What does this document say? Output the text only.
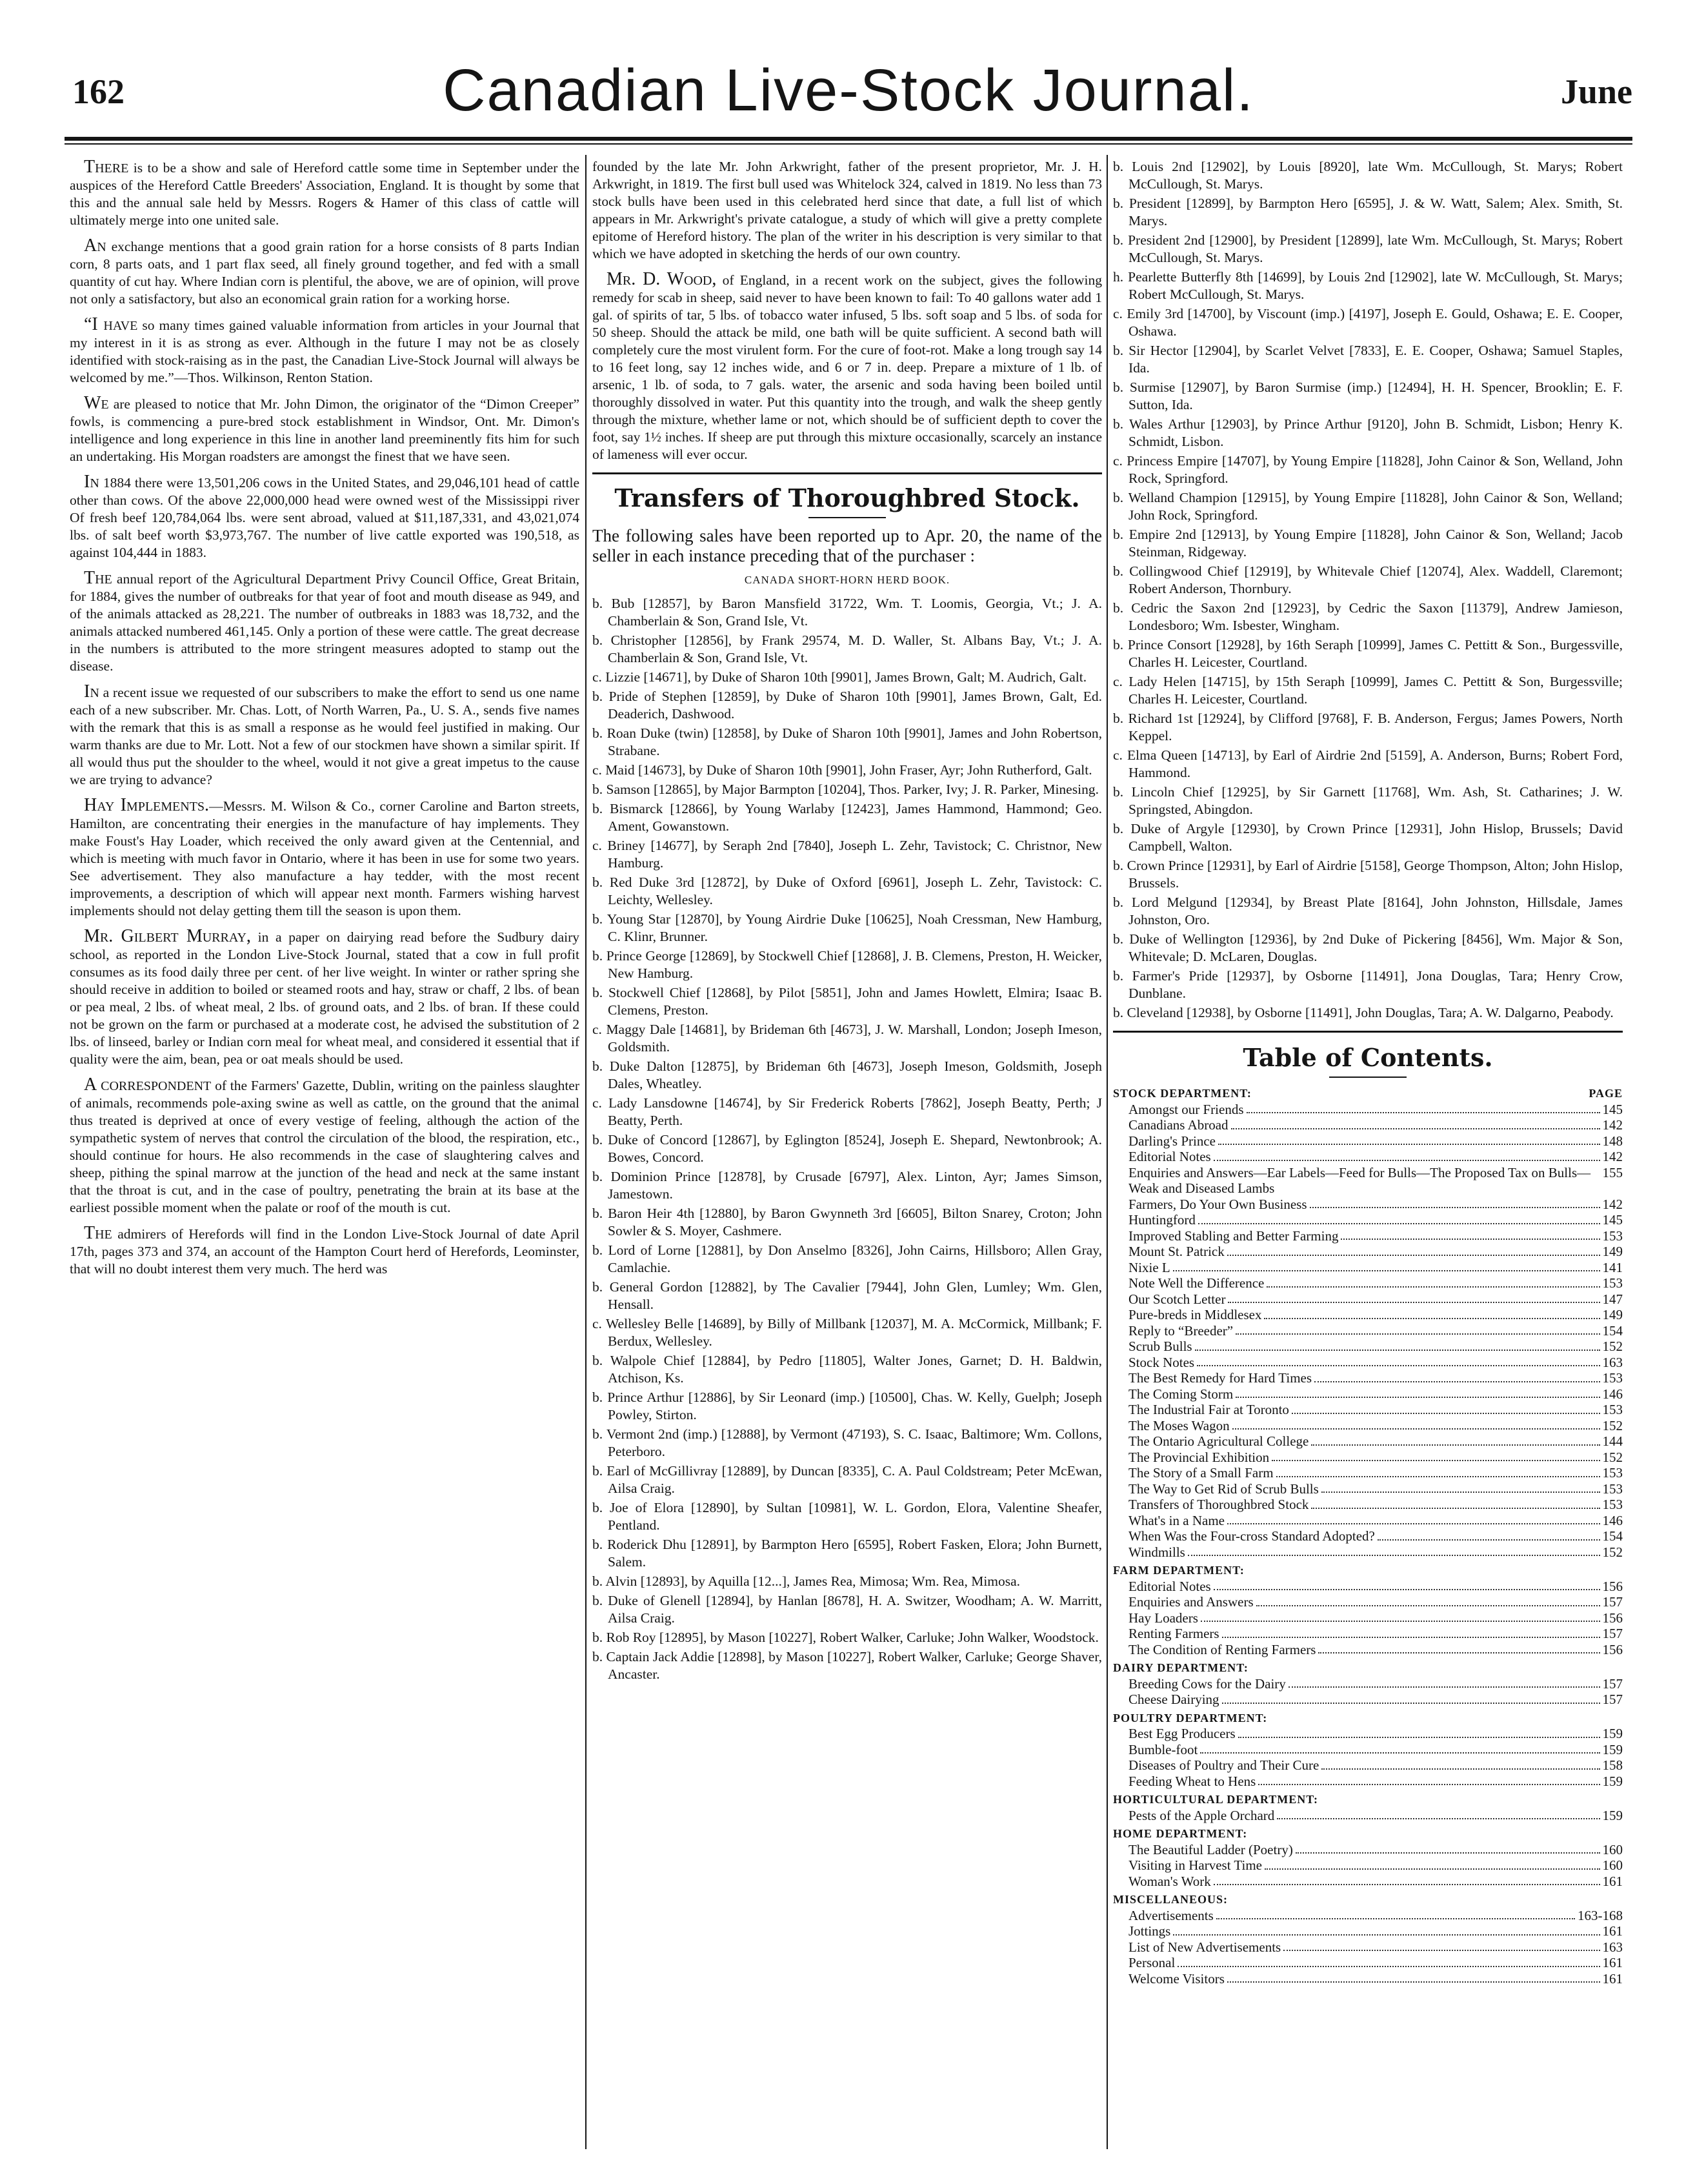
162	Canadian Live-Stock Journal.	June

There is to be a show and sale of Hereford cattle some time in September under the auspices of the Hereford Cattle Breeders' Association, England. It is thought by some that this and the annual sale held by Messrs. Rogers & Hamer of this class of cattle will ultimately merge into one united sale.

An exchange mentions that a good grain ration for a horse consists of 8 parts Indian corn, 8 parts oats, and 1 part flax seed, all finely ground together, and fed with a small quantity of cut hay. Where Indian corn is plentiful, the above, we are of opinion, will prove not only a satisfactory, but also an economical grain ration for a working horse.

“I have so many times gained valuable information from articles in your Journal that my interest in it is as strong as ever. Although in the future I may not be as closely identified with stock-raising as in the past, the Canadian Live-Stock Journal will always be welcomed by me.”—Thos. Wilkinson, Renton Station.

We are pleased to notice that Mr. John Dimon, the originator of the “Dimon Creeper” fowls, is commencing a pure-bred stock establishment in Windsor, Ont. Mr. Dimon's intelligence and long experience in this line in another land preeminently fits him for such an undertaking. His Morgan roadsters are amongst the finest that we have seen.

In 1884 there were 13,501,206 cows in the United States, and 29,046,101 head of cattle other than cows. Of the above 22,000,000 head were owned west of the Mississippi river Of fresh beef 120,784,064 lbs. were sent abroad, valued at $11,187,331, and 43,021,074 lbs. of salt beef worth $3,973,767. The number of live cattle exported was 190,518, as against 104,444 in 1883.

The annual report of the Agricultural Department Privy Council Office, Great Britain, for 1884, gives the number of outbreaks for that year of foot and mouth disease as 949, and of the animals attacked as 28,221. The number of outbreaks in 1883 was 18,732, and the animals attacked numbered 461,145. Only a portion of these were cattle. The great decrease in the numbers is attributed to the more stringent measures adopted to stamp out the disease.

In a recent issue we requested of our subscribers to make the effort to send us one name each of a new subscriber. Mr. Chas. Lott, of North Warren, Pa., U. S. A., sends five names with the remark that this is as small a response as he would feel justified in making. Our warm thanks are due to Mr. Lott. Not a few of our stockmen have shown a similar spirit. If all would thus put the shoulder to the wheel, would it not give a great impetus to the cause we are trying to advance?

Hay Implements.—Messrs. M. Wilson & Co., corner Caroline and Barton streets, Hamilton, are concentrating their energies in the manufacture of hay implements. They make Foust's Hay Loader, which received the only award given at the Centennial, and which is meeting with much favor in Ontario, where it has been in use for some two years. See advertisement. They also manufacture a hay tedder, with the most recent improvements, a description of which will appear next month. Farmers wishing harvest implements should not delay getting them till the season is upon them.

Mr. Gilbert Murray, in a paper on dairying read before the Sudbury dairy school, as reported in the London Live-Stock Journal, stated that a cow in full profit consumes as its food daily three per cent. of her live weight. In winter or rather spring she should receive in addition to boiled or steamed roots and hay, straw or chaff, 2 lbs. of bean or pea meal, 2 lbs. of wheat meal, 2 lbs. of ground oats, and 2 lbs. of bran. If these could not be grown on the farm or purchased at a moderate cost, he advised the substitution of 2 lbs. of linseed, barley or Indian corn meal for wheat meal, and considered it essential that if quality were the aim, bean, pea or oat meals should be used.

A correspondent of the Farmers' Gazette, Dublin, writing on the painless slaughter of animals, recommends pole-axing swine as well as cattle, on the ground that the animal thus treated is deprived at once of every vestige of feeling, although the action of the sympathetic system of nerves that control the circulation of the blood, the respiration, etc., should continue for hours. He also recommends in the case of slaughtering calves and sheep, pithing the spinal marrow at the junction of the head and neck at the same instant that the throat is cut, and in the case of poultry, penetrating the brain at its base at the earliest possible moment when the palate or roof of the mouth is cut.

The admirers of Herefords will find in the London Live-Stock Journal of date April 17th, pages 373 and 374, an account of the Hampton Court herd of Herefords, Leominster, that will no doubt interest them very much. The herd was

founded by the late Mr. John Arkwright, father of the present proprietor, Mr. J. H. Arkwright, in 1819. The first bull used was Whitelock 324, calved in 1819. No less than 73 stock bulls have been used in this celebrated herd since that date, a full list of which appears in Mr. Arkwright's private catalogue, a study of which will give a pretty complete epitome of Hereford history. The plan of the writer in his description is very similar to that which we have adopted in sketching the herds of our own country.

Mr. D. Wood, of England, in a recent work on the subject, gives the following remedy for scab in sheep, said never to have been known to fail: To 40 gallons water add 1 gal. of spirits of tar, 5 lbs. of tobacco water infused, 5 lbs. soft soap and 5 lbs. of soda for 50 sheep. Should the attack be mild, one bath will be quite sufficient. A second bath will completely cure the most virulent form. For the cure of foot-rot. Make a long trough say 14 to 16 feet long, say 12 inches wide, and 6 or 7 in. deep. Prepare a mixture of 1 lb. of arsenic, 1 lb. of soda, to 7 gals. water, the arsenic and soda having been boiled until thoroughly dissolved in water. Put this quantity into the trough, and walk the sheep gently through the mixture, whether lame or not, which should be of sufficient depth to cover the foot, say 1½ inches. If sheep are put through this mixture occasionally, scarcely an instance of lameness will ever occur.

Transfers of Thoroughbred Stock.

The following sales have been reported up to Apr. 20, the name of the seller in each instance preceding that of the purchaser :

CANADA SHORT-HORN HERD BOOK.
b. Bub [12857], by Baron Mansfield 31722, Wm. T. Loomis, Georgia, Vt.; J. A. Chamberlain & Son, Grand Isle, Vt.
b. Christopher [12856], by Frank 29574, M. D. Waller, St. Albans Bay, Vt.; J. A. Chamberlain & Son, Grand Isle, Vt.
c. Lizzie [14671], by Duke of Sharon 10th [9901], James Brown, Galt; M. Audrich, Galt.
b. Pride of Stephen [12859], by Duke of Sharon 10th [9901], James Brown, Galt, Ed. Deaderich, Dashwood.
b. Roan Duke (twin) [12858], by Duke of Sharon 10th [9901], James and John Robertson, Strabane.
c. Maid [14673], by Duke of Sharon 10th [9901], John Fraser, Ayr; John Rutherford, Galt.
b. Samson [12865], by Major Barmpton [10204], Thos. Parker, Ivy; J. R. Parker, Minesing.
b. Bismarck [12866], by Young Warlaby [12423], James Hammond, Hammond; Geo. Ament, Gowanstown.
c. Briney [14677], by Seraph 2nd [7840], Joseph L. Zehr, Tavistock; C. Christnor, New Hamburg.
b. Red Duke 3rd [12872], by Duke of Oxford [6961], Joseph L. Zehr, Tavistock: C. Leichty, Wellesley.
b. Young Star [12870], by Young Airdrie Duke [10625], Noah Cressman, New Hamburg, C. Klinr, Brunner.
b. Prince George [12869], by Stockwell Chief [12868], J. B. Clemens, Preston, H. Weicker, New Hamburg.
b. Stockwell Chief [12868], by Pilot [5851], John and James Howlett, Elmira; Isaac B. Clemens, Preston.
c. Maggy Dale [14681], by Brideman 6th [4673], J. W. Marshall, London; Joseph Imeson, Goldsmith.
b. Duke Dalton [12875], by Brideman 6th [4673], Joseph Imeson, Goldsmith, Joseph Dales, Wheatley.
c. Lady Lansdowne [14674], by Sir Frederick Roberts [7862], Joseph Beatty, Perth; J Beatty, Perth.
b. Duke of Concord [12867], by Eglington [8524], Joseph E. Shepard, Newtonbrook; A. Bowes, Concord.
b. Dominion Prince [12878], by Crusade [6797], Alex. Linton, Ayr; James Simson, Jamestown.
b. Baron Heir 4th [12880], by Baron Gwynneth 3rd [6605], Bilton Snarey, Croton; John Sowler & S. Moyer, Cashmere.
b. Lord of Lorne [12881], by Don Anselmo [8326], John Cairns, Hillsboro; Allen Gray, Camlachie.
b. General Gordon [12882], by The Cavalier [7944], John Glen, Lumley; Wm. Glen, Hensall.
c. Wellesley Belle [14689], by Billy of Millbank [12037], M. A. McCormick, Millbank; F. Berdux, Wellesley.
b. Walpole Chief [12884], by Pedro [11805], Walter Jones, Garnet; D. H. Baldwin, Atchison, Ks.
b. Prince Arthur [12886], by Sir Leonard (imp.) [10500], Chas. W. Kelly, Guelph; Joseph Powley, Stirton.
b. Vermont 2nd (imp.) [12888], by Vermont (47193), S. C. Isaac, Baltimore; Wm. Collons, Peterboro.
b. Earl of McGillivray [12889], by Duncan [8335], C. A. Paul Coldstream; Peter McEwan, Ailsa Craig.
b. Joe of Elora [12890], by Sultan [10981], W. L. Gordon, Elora, Valentine Sheafer, Pentland.
b. Roderick Dhu [12891], by Barmpton Hero [6595], Robert Fasken, Elora; John Burnett, Salem.
b. Alvin [12893], by Aquilla [12...], James Rea, Mimosa; Wm. Rea, Mimosa.
b. Duke of Glenell [12894], by Hanlan [8678], H. A. Switzer, Woodham; A. W. Marritt, Ailsa Craig.
b. Rob Roy [12895], by Mason [10227], Robert Walker, Carluke; John Walker, Woodstock.
b. Captain Jack Addie [12898], by Mason [10227], Robert Walker, Carluke; George Shaver, Ancaster.
b. Louis 2nd [12902], by Louis [8920], late Wm. McCullough, St. Marys; Robert McCullough, St. Marys.
b. President [12899], by Barmpton Hero [6595], J. & W. Watt, Salem; Alex. Smith, St. Marys.
b. President 2nd [12900], by President [12899], late Wm. McCullough, St. Marys; Robert McCullough, St. Marys.
h. Pearlette Butterfly 8th [14699], by Louis 2nd [12902], late W. McCullough, St. Marys; Robert McCullough, St. Marys.
c. Emily 3rd [14700], by Viscount (imp.) [4197], Joseph E. Gould, Oshawa; E. E. Cooper, Oshawa.
b. Sir Hector [12904], by Scarlet Velvet [7833], E. E. Cooper, Oshawa; Samuel Staples, Ida.
b. Surmise [12907], by Baron Surmise (imp.) [12494], H. H. Spencer, Brooklin; E. F. Sutton, Ida.
b. Wales Arthur [12903], by Prince Arthur [9120], John B. Schmidt, Lisbon; Henry K. Schmidt, Lisbon.
c. Princess Empire [14707], by Young Empire [11828], John Cainor & Son, Welland, John Rock, Springford.
b. Welland Champion [12915], by Young Empire [11828], John Cainor & Son, Welland; John Rock, Springford.
b. Empire 2nd [12913], by Young Empire [11828], John Cainor & Son, Welland; Jacob Steinman, Ridgeway.
b. Collingwood Chief [12919], by Whitevale Chief [12074], Alex. Waddell, Claremont; Robert Anderson, Thornbury.
b. Cedric the Saxon 2nd [12923], by Cedric the Saxon [11379], Andrew Jamieson, Londesboro; Wm. Isbester, Wingham.
b. Prince Consort [12928], by 16th Seraph [10999], James C. Pettitt & Son., Burgessville, Charles H. Leicester, Courtland.
c. Lady Helen [14715], by 15th Seraph [10999], James C. Pettitt & Son, Burgessville; Charles H. Leicester, Courtland.
b. Richard 1st [12924], by Clifford [9768], F. B. Anderson, Fergus; James Powers, North Keppel.
c. Elma Queen [14713], by Earl of Airdrie 2nd [5159], A. Anderson, Burns; Robert Ford, Hammond.
b. Lincoln Chief [12925], by Sir Garnett [11768], Wm. Ash, St. Catharines; J. W. Springsted, Abingdon.
b. Duke of Argyle [12930], by Crown Prince [12931], John Hislop, Brussels; David Campbell, Walton.
b. Crown Prince [12931], by Earl of Airdrie [5158], George Thompson, Alton; John Hislop, Brussels.
b. Lord Melgund [12934], by Breast Plate [8164], John Johnston, Hillsdale, James Johnston, Oro.
b. Duke of Wellington [12936], by 2nd Duke of Pickering [8456], Wm. Major & Son, Whitevale; D. McLaren, Douglas.
b. Farmer's Pride [12937], by Osborne [11491], Jona Douglas, Tara; Henry Crow, Dunblane.
b. Cleveland [12938], by Osborne [11491], John Douglas, Tara; A. W. Dalgarno, Peabody.
Table of Contents.
STOCK DEPARTMENT:	PAGE
Amongst our Friends	145
Canadians Abroad	142
Darling's Prince	148
Editorial Notes	142
Enquiries and Answers—Ear Labels—Feed for Bulls—The Proposed Tax on Bulls—Weak and Diseased Lambs
155
Farmers, Do Your Own Business	142
Huntingford	145
Improved Stabling and Better Farming	153
Mount St. Patrick	149
Nixie L	141
Note Well the Difference	153
Our Scotch Letter	147
Pure-breds in Middlesex	149
Reply to “Breeder”	154
Scrub Bulls	152
Stock Notes	163
The Best Remedy for Hard Times	153
The Coming Storm	146
The Industrial Fair at Toronto	153
The Moses Wagon	152
The Ontario Agricultural College	144
The Provincial Exhibition	152
The Story of a Small Farm	153
The Way to Get Rid of Scrub Bulls	153
Transfers of Thoroughbred Stock	153
What's in a Name	146
When Was the Four-cross Standard Adopted?	154
Windmills	152
FARM DEPARTMENT:
Editorial Notes	156
Enquiries and Answers	157
Hay Loaders	156
Renting Farmers	157
The Condition of Renting Farmers	156
DAIRY DEPARTMENT:
Breeding Cows for the Dairy	157
Cheese Dairying	157
POULTRY DEPARTMENT:
Best Egg Producers	159
Bumble-foot	159
Diseases of Poultry and Their Cure	158
Feeding Wheat to Hens	159
HORTICULTURAL DEPARTMENT:
Pests of the Apple Orchard	159
HOME DEPARTMENT:
The Beautiful Ladder (Poetry)	160
Visiting in Harvest Time	160
Woman's Work	161
MISCELLANEOUS:
Advertisements	163-168
Jottings	161
List of New Advertisements	163
Personal	161
Welcome Visitors	161
